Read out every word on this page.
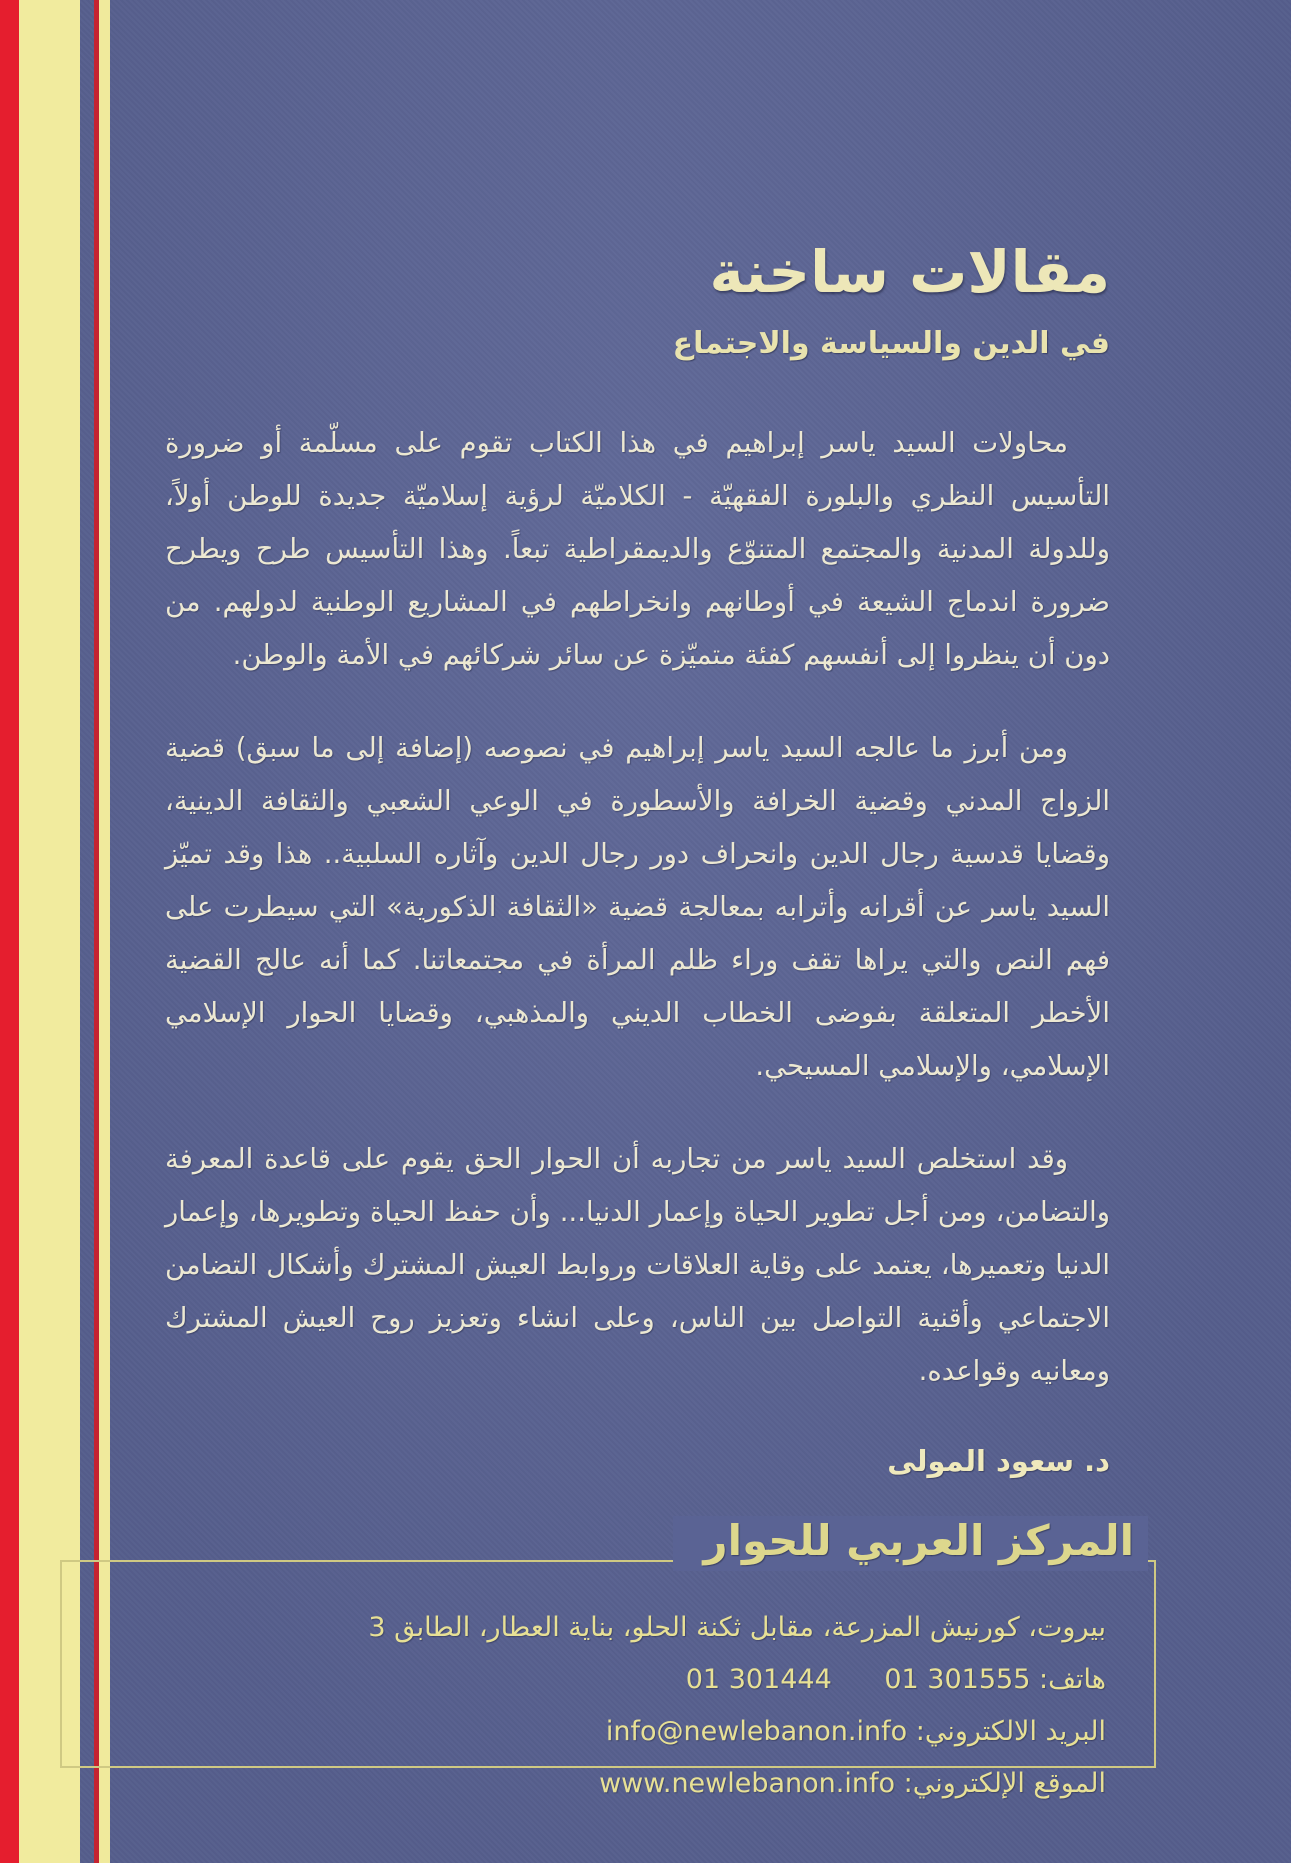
مقالات ساخنة
في الدين والسياسة والاجتماع

محاولات السيد ياسر إبراهيم في هذا الكتاب تقوم على مسلّمة أو ضرورة التأسيس النظري والبلورة الفقهيّة - الكلاميّة لرؤية إسلاميّة جديدة للوطن أولاً، وللدولة المدنية والمجتمع المتنوّع والديمقراطية تبعاً. وهذا التأسيس طرح ويطرح ضرورة اندماج الشيعة في أوطانهم وانخراطهم في المشاريع الوطنية لدولهم. من دون أن ينظروا إلى أنفسهم كفئة متميّزة عن سائر شركائهم في الأمة والوطن.

ومن أبرز ما عالجه السيد ياسر إبراهيم في نصوصه (إضافة إلى ما سبق) قضية الزواج المدني وقضية الخرافة والأسطورة في الوعي الشعبي والثقافة الدينية، وقضايا قدسية رجال الدين وانحراف دور رجال الدين وآثاره السلبية.. هذا وقد تميّز السيد ياسر عن أقرانه وأترابه بمعالجة قضية «الثقافة الذكورية» التي سيطرت على فهم النص والتي يراها تقف وراء ظلم المرأة في مجتمعاتنا. كما أنه عالج القضية الأخطر المتعلقة بفوضى الخطاب الديني والمذهبي، وقضايا الحوار الإسلامي الإسلامي، والإسلامي المسيحي.

وقد استخلص السيد ياسر من تجاربه أن الحوار الحق يقوم على قاعدة المعرفة والتضامن، ومن أجل تطوير الحياة وإعمار الدنيا... وأن حفظ الحياة وتطويرها، وإعمار الدنيا وتعميرها، يعتمد على وقاية العلاقات وروابط العيش المشترك وأشكال التضامن الاجتماعي وأقنية التواصل بين الناس، وعلى انشاء وتعزيز روح العيش المشترك ومعانيه وقواعده.

د. سعود المولى
المركز العربي للحوار
بيروت، كورنيش المزرعة، مقابل ثكنة الحلو، بناية العطار، الطابق 3
هاتف: 01 301444 01 301555
البريد الالكتروني: info@newlebanon.info
الموقع الإلكتروني: www.newlebanon.info
